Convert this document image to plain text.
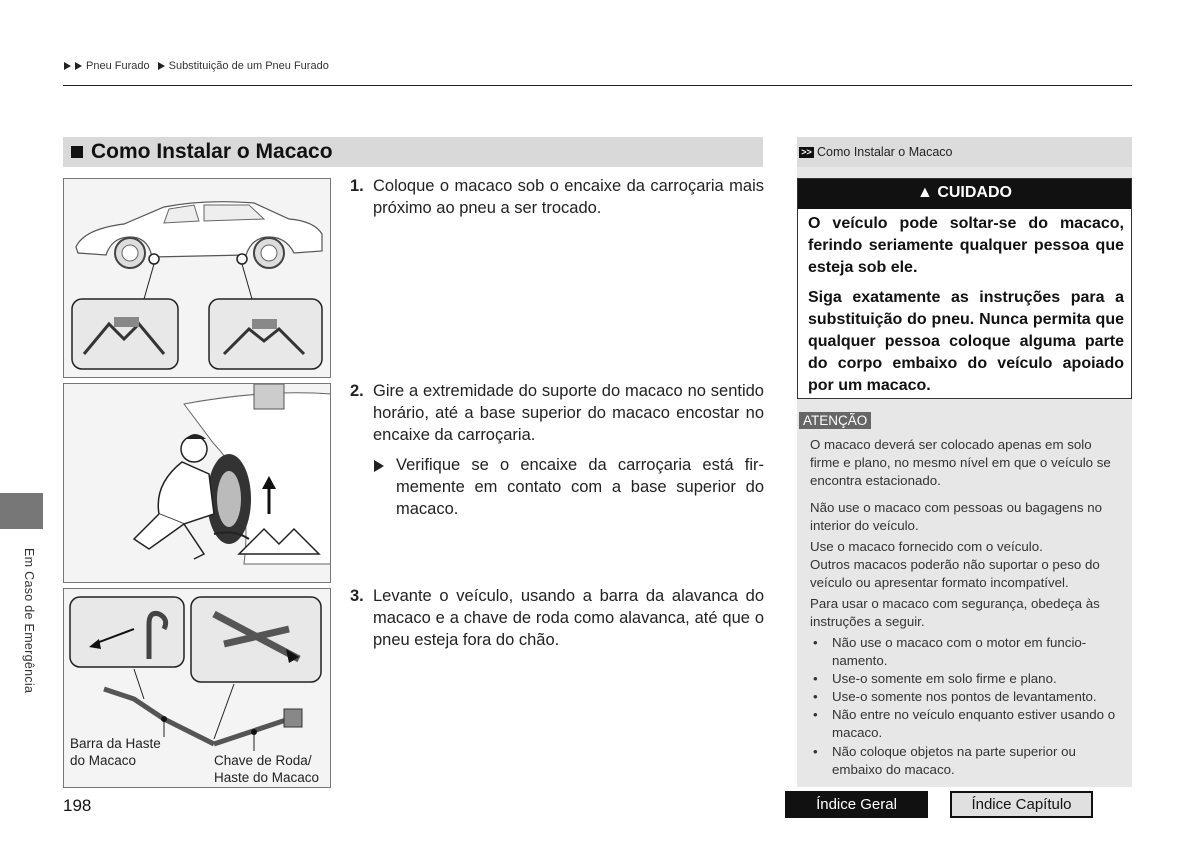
Pneu Furado Substituição de um Pneu Furado
Como Instalar o Macaco
Barra da Haste
do Macaco	Chave de Roda/
Haste do Macaco
1. Coloque o macaco sob o encaixe da carroçaria mais próximo ao pneu a ser trocado.
2. Gire a extremidade do suporte do macaco no sentido horário, até a base superior do macaco encostar no encaixe da carroçaria.
Verifique se o encaixe da carroçaria está fir-memente em contato com a base superior do macaco.
3. Levante o veículo, usando a barra da alavanca do macaco e a chave de roda como alavanca, até que o pneu esteja fora do chão.
>> Como Instalar o Macaco
▲ CUIDADO
O veículo pode soltar-se do macaco, ferindo seriamente qualquer pessoa que esteja sob ele.
Siga exatamente as instruções para a substituição do pneu. Nunca permita que qualquer pessoa coloque alguma parte do corpo embaixo do veículo apoiado por um macaco.
ATENÇÃO
O macaco deverá ser colocado apenas em solo firme e plano, no mesmo nível em que o veículo se encontra estacionado.
Não use o macaco com pessoas ou bagagens no interior do veículo.
Use o macaco fornecido com o veículo.
Outros macacos poderão não suportar o peso do veículo ou apresentar formato incompatível.
Para usar o macaco com segurança, obedeça às instruções a seguir.
• Não use o macaco com o motor em funcio-namento.
• Use-o somente em solo firme e plano.
• Use-o somente nos pontos de levantamento.
• Não entre no veículo enquanto estiver usando o macaco.
• Não coloque objetos na parte superior ou embaixo do macaco.
Em Caso de Emergência
198	Índice Geral	Índice Capítulo
